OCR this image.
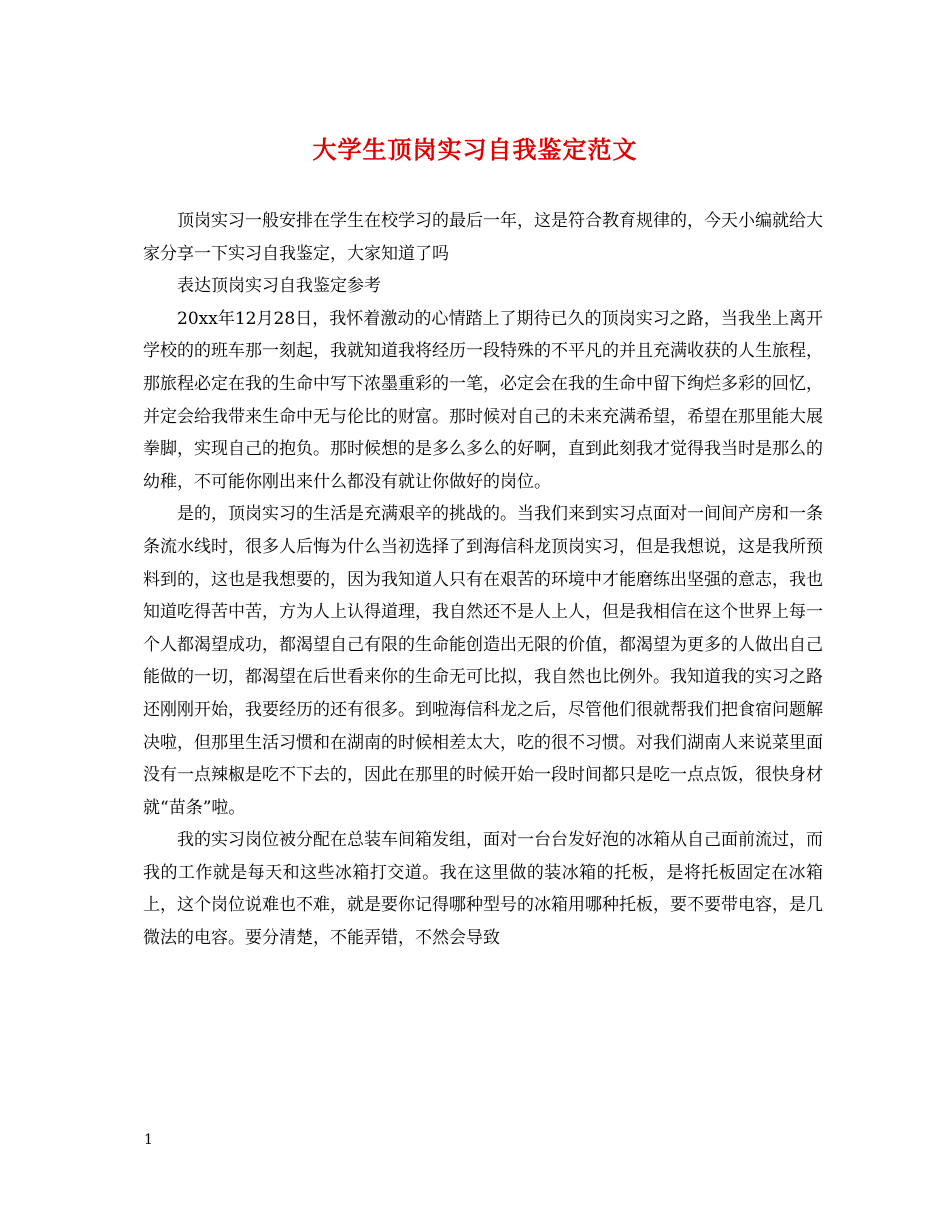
大学生顶岗实习自我鉴定范文

顶岗实习一般安排在学生在校学习的最后一年，这是符合教育规律的，今天小编就给大家分享一下实习自我鉴定，大家知道了吗

表达顶岗实习自我鉴定参考

20xx年12月28日，我怀着激动的心情踏上了期待已久的顶岗实习之路，当我坐上离开学校的的班车那一刻起，我就知道我将经历一段特殊的不平凡的并且充满收获的人生旅程，那旅程必定在我的生命中写下浓墨重彩的一笔，必定会在我的生命中留下绚烂多彩的回忆，并定会给我带来生命中无与伦比的财富。那时候对自己的未来充满希望，希望在那里能大展拳脚，实现自己的抱负。那时候想的是多么多么的好啊，直到此刻我才觉得我当时是那么的幼稚，不可能你刚出来什么都没有就让你做好的岗位。

是的，顶岗实习的生活是充满艰辛的挑战的。当我们来到实习点面对一间间产房和一条条流水线时，很多人后悔为什么当初选择了到海信科龙顶岗实习，但是我想说，这是我所预料到的，这也是我想要的，因为我知道人只有在艰苦的环境中才能磨练出坚强的意志，我也知道吃得苦中苦，方为人上认得道理，我自然还不是人上人，但是我相信在这个世界上每一个人都渴望成功，都渴望自己有限的生命能创造出无限的价值，都渴望为更多的人做出自己能做的一切，都渴望在后世看来你的生命无可比拟，我自然也比例外。我知道我的实习之路还刚刚开始，我要经历的还有很多。到啦海信科龙之后，尽管他们很就帮我们把食宿问题解决啦，但那里生活习惯和在湖南的时候相差太大，吃的很不习惯。对我们湖南人来说菜里面没有一点辣椒是吃不下去的，因此在那里的时候开始一段时间都只是吃一点点饭，很快身材就“苗条”啦。

我的实习岗位被分配在总装车间箱发组，面对一台台发好泡的冰箱从自己面前流过，而我的工作就是每天和这些冰箱打交道。我在这里做的装冰箱的托板，是将托板固定在冰箱上，这个岗位说难也不难，就是要你记得哪种型号的冰箱用哪种托板，要不要带电容，是几微法的电容。要分清楚，不能弄错，不然会导致

1
